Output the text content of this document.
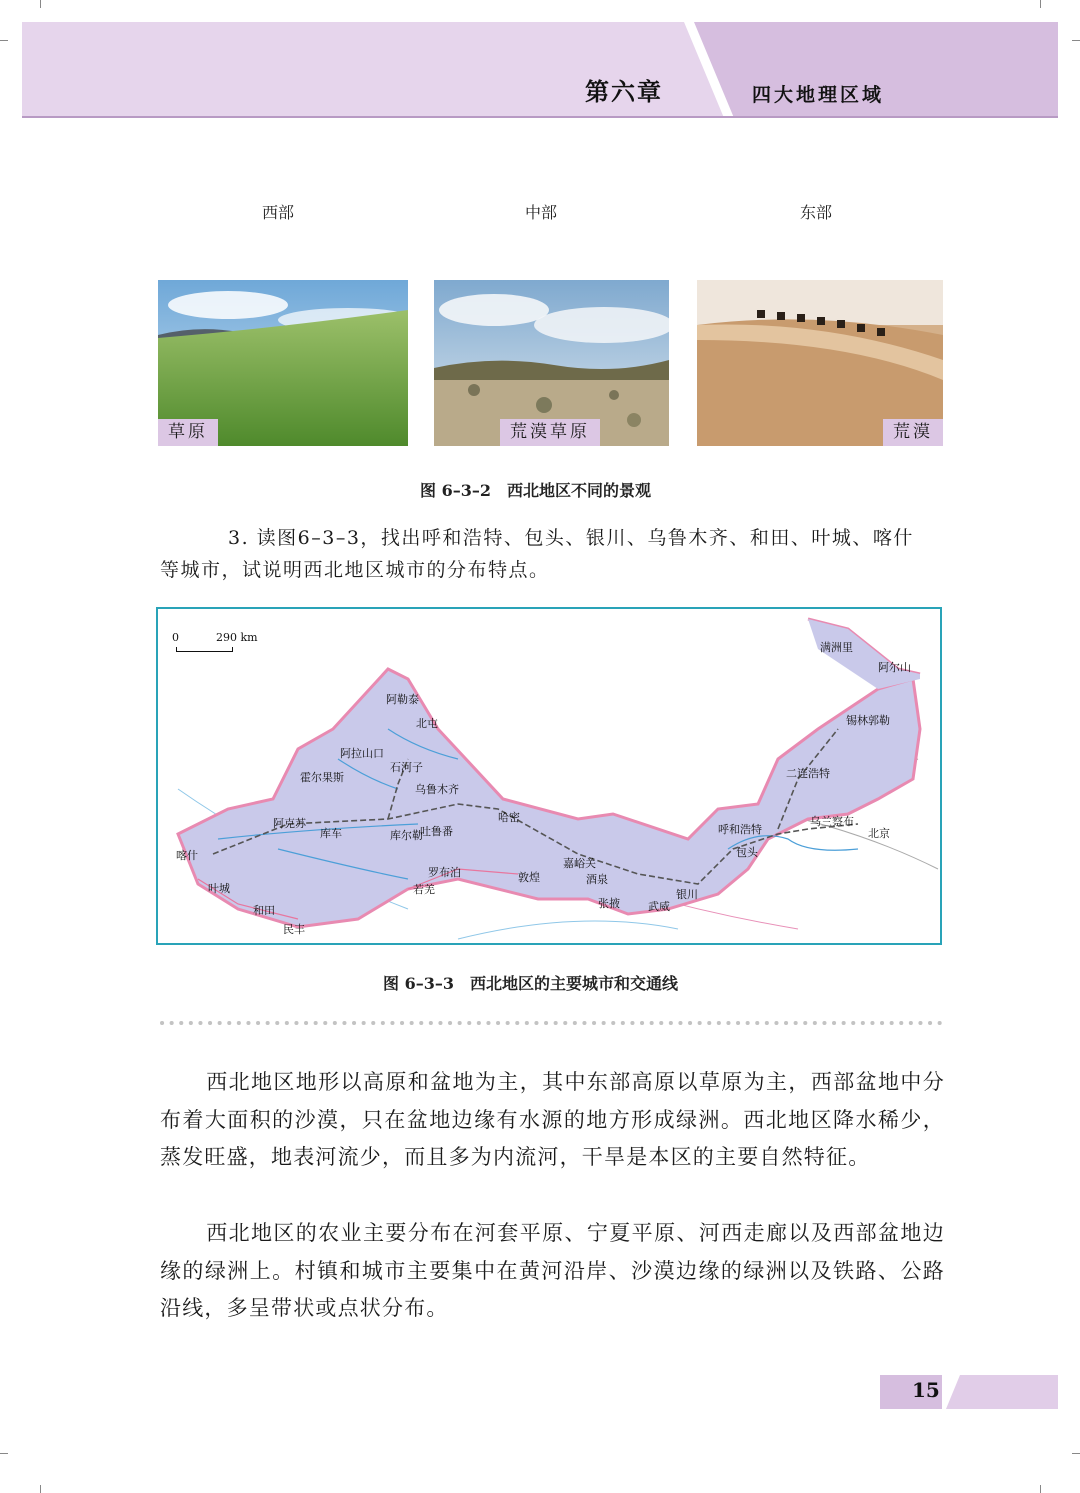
第六章	四大地理区域
西部	中部	东部
草原	荒漠草原	荒漠
图 6–3–2　西北地区不同的景观
3. 读图6–3–3，找出呼和浩特、包头、银川、乌鲁木齐、和田、叶城、喀什等城市，试说明西北地区城市的分布特点。
0	290 km
满洲里
阿尔山
锡林郭勒
二连浩特
呼和浩特
包头
乌兰察布
北京
阿勒泰
北屯
阿拉山口
霍尔果斯
石河子
乌鲁木齐
吐鲁番
哈密
阿克苏
库车	库尔勒
喀什
叶城
和田
民丰
若羌
罗布泊	敦煌
嘉峪关
酒泉
张掖	武威
银川
图 6–3–3　西北地区的主要城市和交通线
西北地区地形以高原和盆地为主，其中东部高原以草原为主，西部盆地中分布着大面积的沙漠，只在盆地边缘有水源的地方形成绿洲。西北地区降水稀少，蒸发旺盛，地表河流少，而且多为内流河，干旱是本区的主要自然特征。
西北地区的农业主要分布在河套平原、宁夏平原、河西走廊以及西部盆地边缘的绿洲上。村镇和城市主要集中在黄河沿岸、沙漠边缘的绿洲以及铁路、公路沿线，多呈带状或点状分布。
15
